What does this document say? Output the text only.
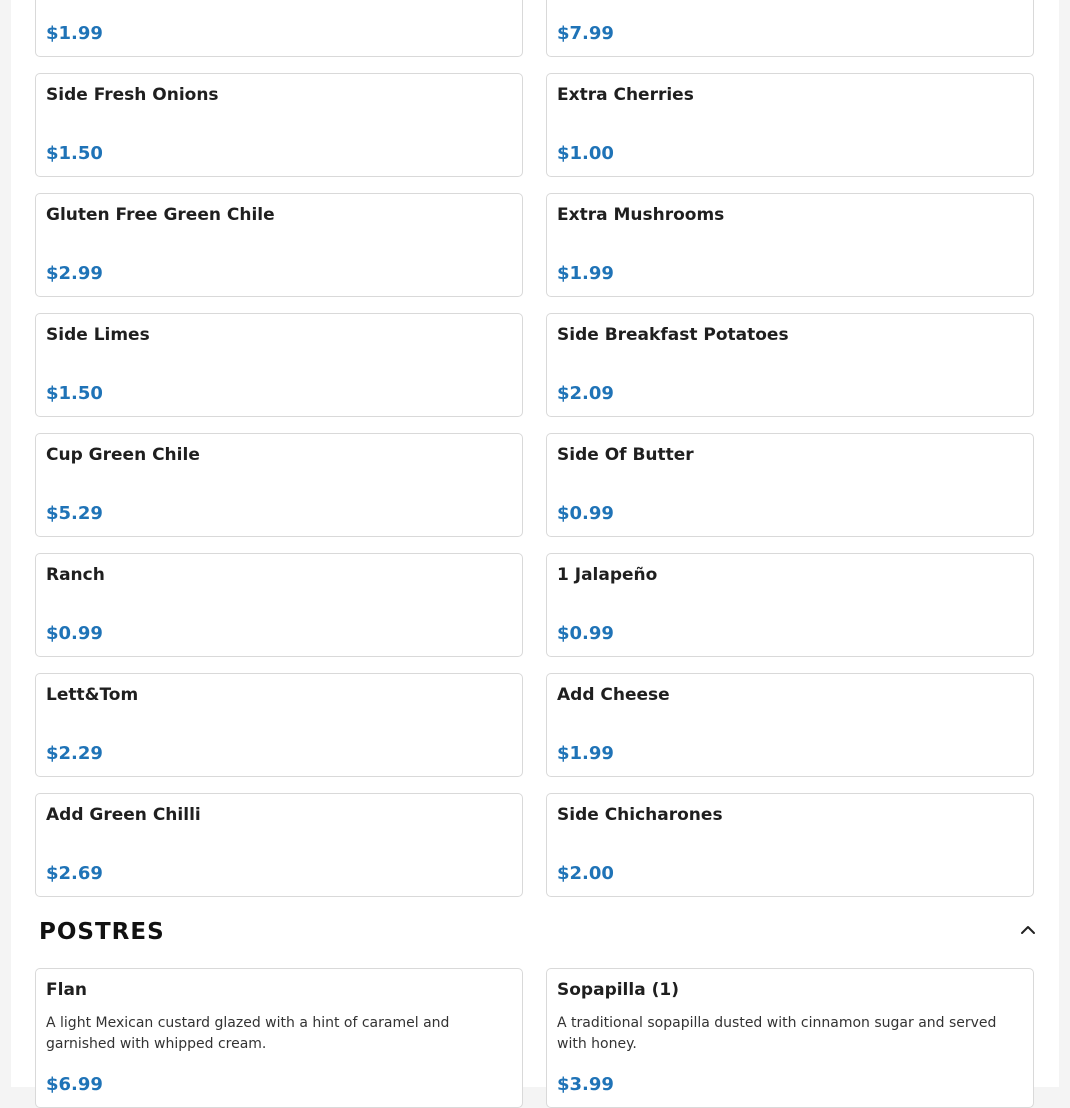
$1.99	$7.99
Side Fresh Onions
$1.50
Extra Cherries
$1.00
Gluten Free Green Chile
$2.99
Extra Mushrooms
$1.99
Side Limes
$1.50
Side Breakfast Potatoes
$2.09
Cup Green Chile
$5.29
Side Of Butter
$0.99
Ranch
$0.99
1 Jalapeño
$0.99
Lett&Tom
$2.29
Add Cheese
$1.99
Add Green Chilli
$2.69
Side Chicharones
$2.00
POSTRES
Flan
A light Mexican custard glazed with a hint of caramel and garnished with whipped cream.
$6.99
Sopapilla (1)
A traditional sopapilla dusted with cinnamon sugar and served with honey.
$3.99
